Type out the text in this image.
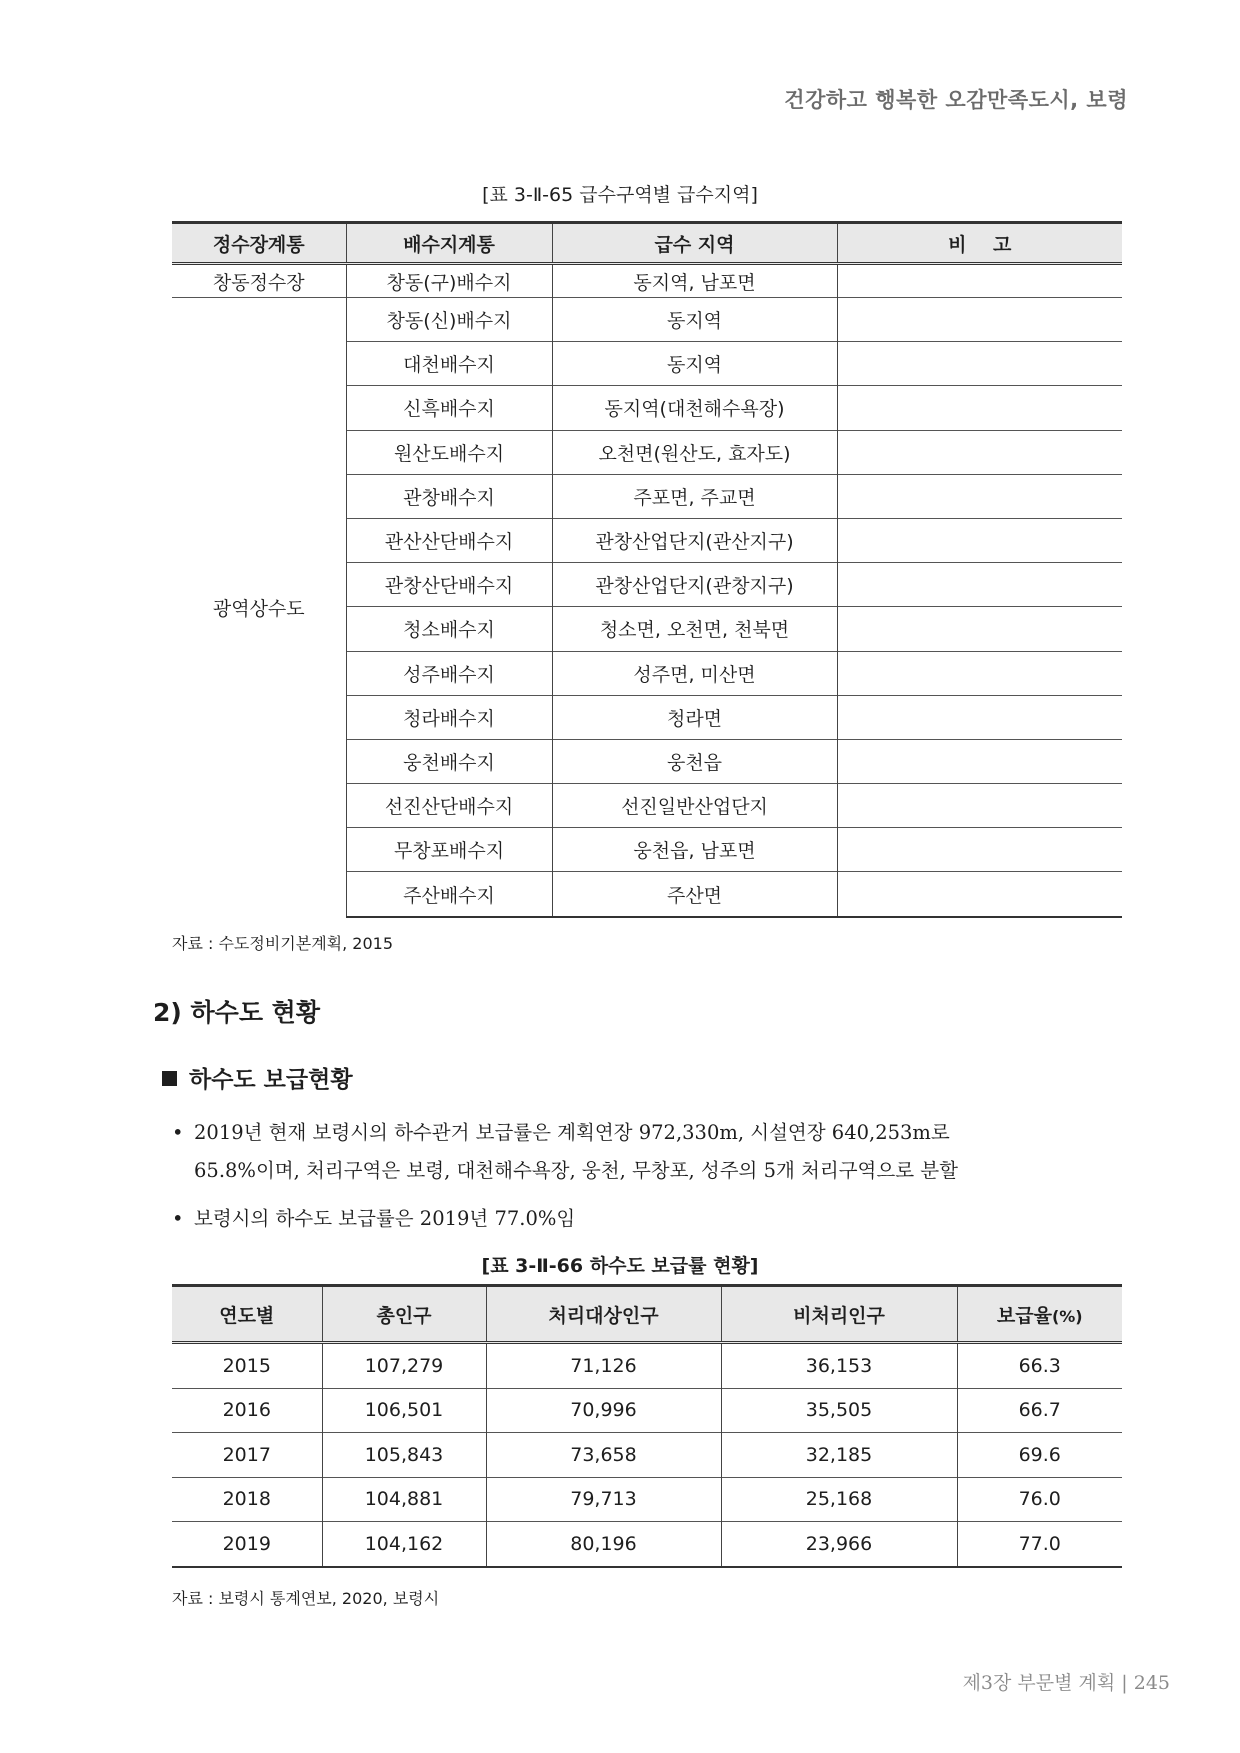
건강하고 행복한 오감만족도시, 보령
[표 3-Ⅱ-65 급수구역별 급수지역]
정수장계통	배수지계통	급수 지역	비    고
창동정수장	창동(구)배수지	동지역, 남포면	
광역상수도	창동(신)배수지	동지역	
	대천배수지	동지역	
	신흑배수지	동지역(대천해수욕장)	
	원산도배수지	오천면(원산도, 효자도)	
	관창배수지	주포면, 주교면	
	관산산단배수지	관창산업단지(관산지구)	
	관창산단배수지	관창산업단지(관창지구)	
	청소배수지	청소면, 오천면, 천북면	
	성주배수지	성주면, 미산면	
	청라배수지	청라면	
	웅천배수지	웅천읍	
	선진산단배수지	선진일반산업단지	
	무창포배수지	웅천읍, 남포면	
	주산배수지	주산면	
자료 : 수도정비기본계획, 2015
2) 하수도 현황
하수도 보급현황
• 2019년 현재 보령시의 하수관거 보급률은 계획연장 972,330m, 시설연장 640,253m로
65.8%이며, 처리구역은 보령, 대천해수욕장, 웅천, 무창포, 성주의 5개 처리구역으로 분할
• 보령시의 하수도 보급률은 2019년 77.0%임
[표 3-Ⅱ-66 하수도 보급률 현황]
연도별	총인구	처리대상인구	비처리인구	보급율(%)
2015	107,279	71,126	36,153	66.3
2016	106,501	70,996	35,505	66.7
2017	105,843	73,658	32,185	69.6
2018	104,881	79,713	25,168	76.0
2019	104,162	80,196	23,966	77.0
자료 : 보령시 통계연보, 2020, 보령시
제3장 부문별 계획 | 245
